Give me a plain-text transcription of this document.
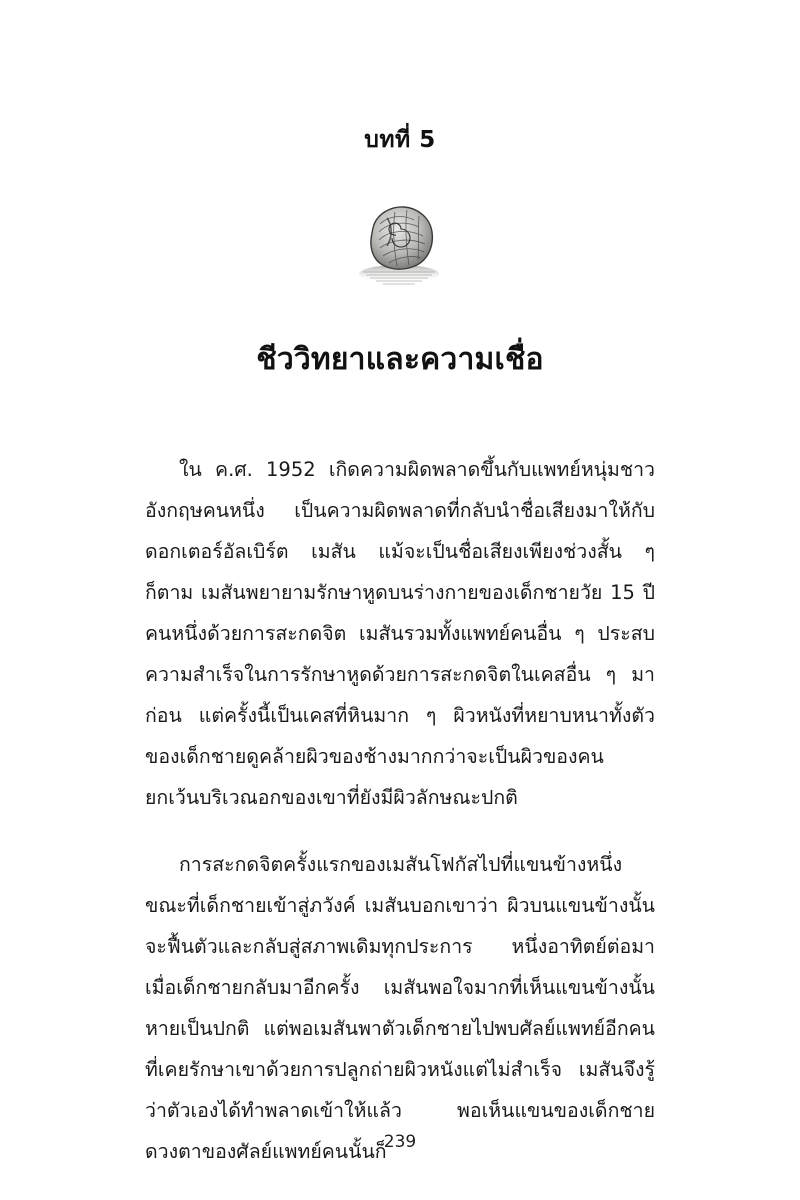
บทที่ 5
ชีววิทยาและความเชื่อ

ใน ค.ศ. 1952 เกิดความผิดพลาดขึ้นกับแพทย์หนุ่มชาวอังกฤษคนหนึ่ง เป็นความผิดพลาดที่กลับนำชื่อเสียงมาให้กับดอกเตอร์อัลเบิร์ต เมสัน แม้จะเป็นชื่อเสียงเพียงช่วงสั้น ๆ ก็ตาม เมสันพยายามรักษาหูดบนร่างกายของเด็กชายวัย 15 ปีคนหนึ่งด้วยการสะกดจิต เมสันรวมทั้งแพทย์คนอื่น ๆ ประสบความสำเร็จในการรักษาหูดด้วยการสะกดจิตในเคสอื่น ๆ มาก่อน แต่ครั้งนี้เป็นเคสที่หินมาก ๆ ผิวหนังที่หยาบหนาทั้งตัวของเด็กชายดูคล้ายผิวของช้างมากกว่าจะเป็นผิวของคน ยกเว้นบริเวณอกของเขาที่ยังมีผิวลักษณะปกติ

การสะกดจิตครั้งแรกของเมสันโฟกัสไปที่แขนข้างหนึ่ง ขณะที่เด็กชายเข้าสู่ภวังค์ เมสันบอกเขาว่า ผิวบนแขนข้างนั้นจะฟื้นตัวและกลับสู่สภาพเดิมทุกประการ หนึ่งอาทิตย์ต่อมา เมื่อเด็กชายกลับมาอีกครั้ง เมสันพอใจมากที่เห็นแขนข้างนั้นหายเป็นปกติ แต่พอเมสันพาตัวเด็กชายไปพบศัลย์แพทย์อีกคนที่เคยรักษาเขาด้วยการปลูกถ่ายผิวหนังแต่ไม่สำเร็จ เมสันจึงรู้ว่าตัวเองได้ทำพลาดเข้าให้แล้ว พอเห็นแขนของเด็กชาย ดวงตาของศัลย์แพทย์คนนั้นก็

239
